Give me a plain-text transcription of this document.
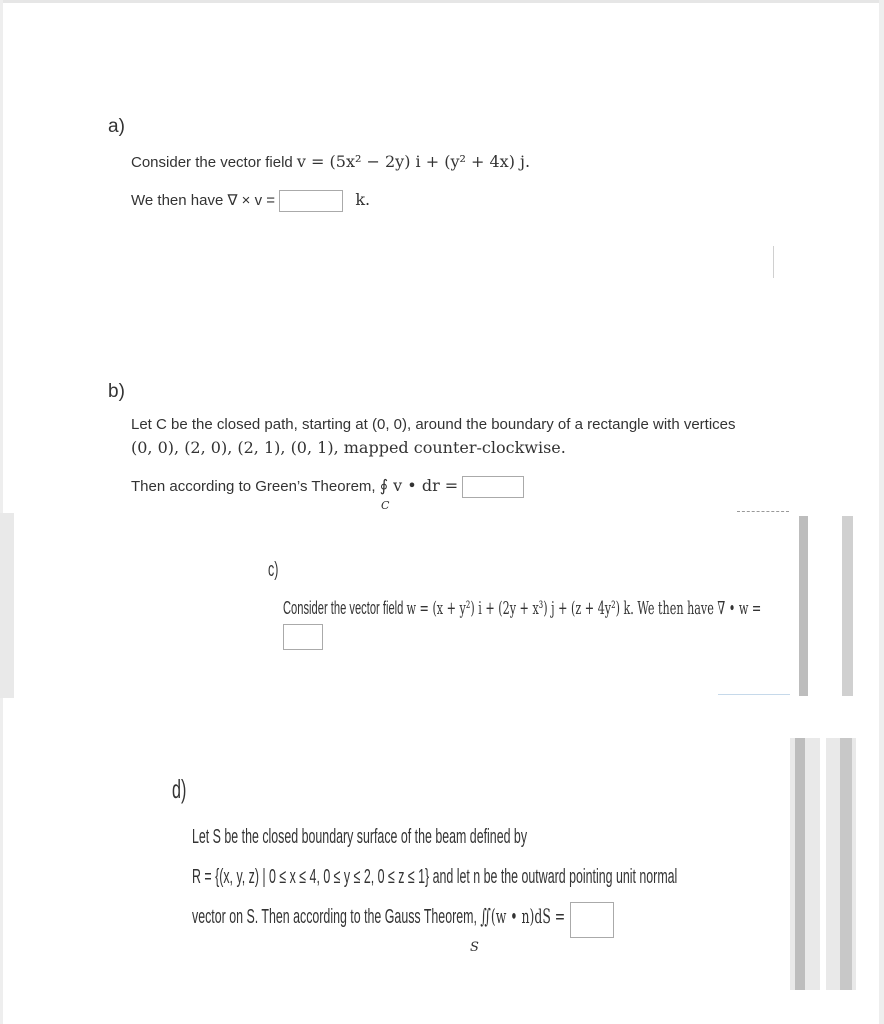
a)
Consider the vector field v = (5x² − 2y) i + (y² + 4x) j.
We then have ∇ × v =	k.
b)
Let C be the closed path, starting at (0, 0), around the boundary of a rectangle with vertices
(0, 0), (2, 0), (2, 1), (0, 1), mapped counter-clockwise.
Then according to Green’s Theorem, ∮ v • dr =
C
c)
Consider the vector field w = (x + y²) i + (2y + x³) j + (z + 4y²) k. We then have ∇ • w =
d)
Let S be the closed boundary surface of the beam defined by
R = {(x, y, z) | 0 ≤ x ≤ 4, 0 ≤ y ≤ 2, 0 ≤ z ≤ 1} and let n be the outward pointing unit normal
vector on S. Then according to the Gauss Theorem, ∬(w • n)dS =
S
